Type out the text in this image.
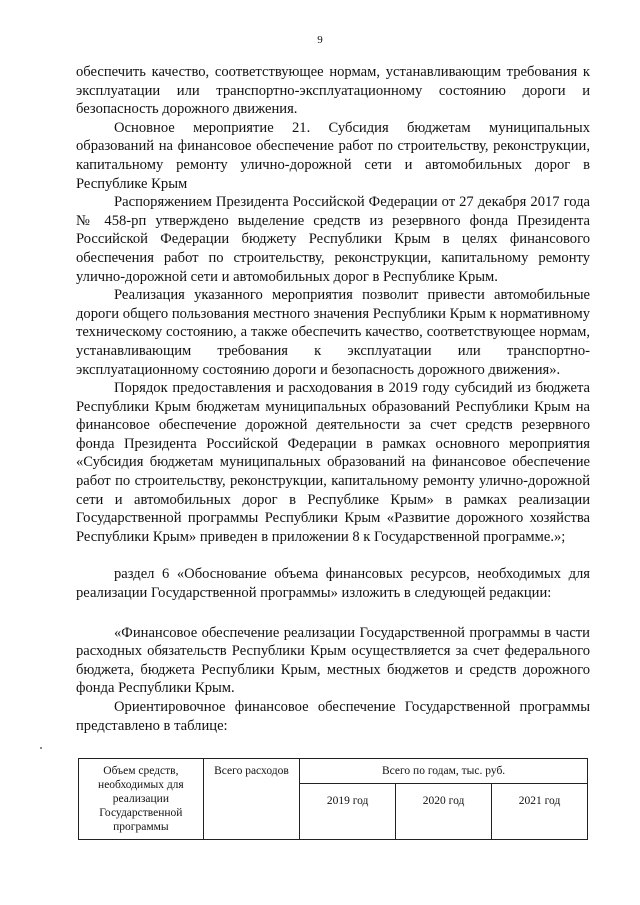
9

обеспечить качество, соответствующее нормам, устанавливающим требования к эксплуатации или транспортно-эксплуатационному состоянию дороги и безопасность дорожного движения.

Основное мероприятие 21. Субсидия бюджетам муниципальных образований на финансовое обеспечение работ по строительству, реконструкции, капитальному ремонту улично-дорожной сети и автомобильных дорог в Республике Крым

Распоряжением Президента Российской Федерации от 27 декабря 2017 года № 458-рп утверждено выделение средств из резервного фонда Президента Российской Федерации бюджету Республики Крым в целях финансового обеспечения работ по строительству, реконструкции, капитальному ремонту улично-дорожной сети и автомобильных дорог в Республике Крым.

Реализация указанного мероприятия позволит привести автомобильные дороги общего пользования местного значения Республики Крым к нормативному техническому состоянию, а также обеспечить качество, соответствующее нормам, устанавливающим требования к эксплуатации или транспортно-эксплуатационному состоянию дороги и безопасность дорожного движения».

Порядок предоставления и расходования в 2019 году субсидий из бюджета Республики Крым бюджетам муниципальных образований Республики Крым на финансовое обеспечение дорожной деятельности за счет средств резервного фонда Президента Российской Федерации в рамках основного мероприятия «Субсидия бюджетам муниципальных образований на финансовое обеспечение работ по строительству, реконструкции, капитальному ремонту улично-дорожной сети и автомобильных дорог в Республике Крым» в рамках реализации Государственной программы Республики Крым «Развитие дорожного хозяйства Республики Крым» приведен в приложении 8 к Государственной программе.»;

раздел 6 «Обоснование объема финансовых ресурсов, необходимых для реализации Государственной программы» изложить в следующей редакции:

«Финансовое обеспечение реализации Государственной программы в части расходных обязательств Республики Крым осуществляется за счет федерального бюджета, бюджета Республики Крым, местных бюджетов и средств дорожного фонда Республики Крым.

Ориентировочное финансовое обеспечение Государственной программы представлено в таблице:

Объем средств, необходимых для реализации Государственной программы	Всего расходов	Всего по годам, тыс. руб.		
		2019 год	2020 год	2021 год
